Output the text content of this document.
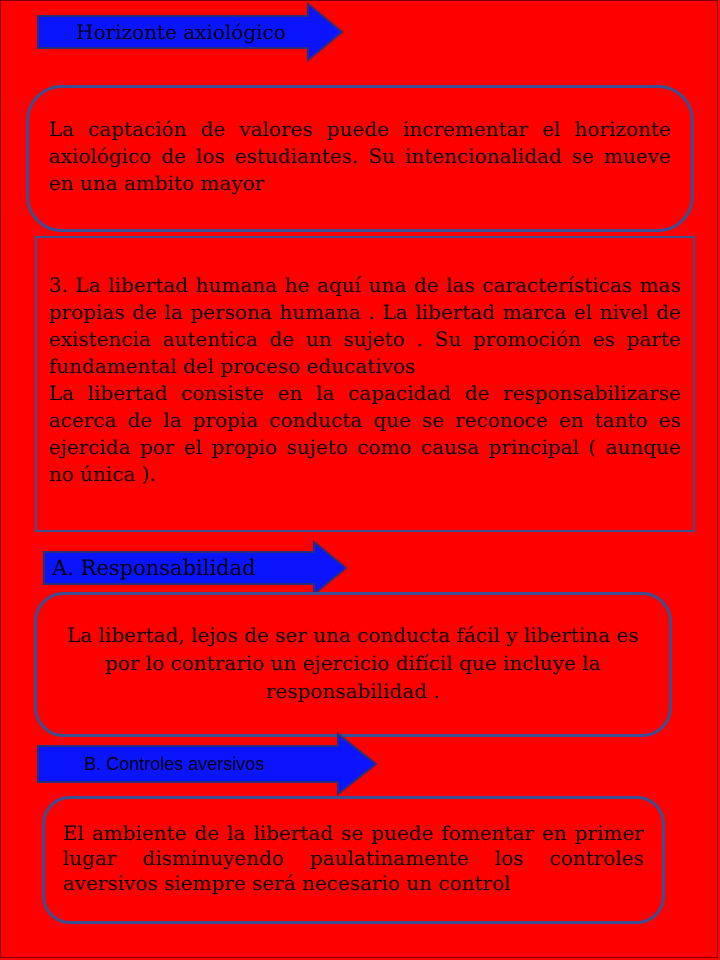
Horizonte axiológico

La captación de valores puede incrementar el horizonte axiológico de los estudiantes. Su intencionalidad se mueve en una ambito mayor

3. La libertad humana he aquí una de las características mas propias de la persona humana . La libertad marca el nivel de existencia autentica de un sujeto . Su promoción es parte fundamental del proceso educativos

La libertad consiste en la capacidad de responsabilizarse acerca de la propia conducta que se reconoce en tanto es ejercida por el propio sujeto como causa principal ( aunque no única ).

A. Responsabilidad

La libertad, lejos de ser una conducta fácil y libertina es por lo contrario un ejercicio difícil que incluye la responsabilidad .

B. Controles aversivos

El ambiente de la libertad se puede fomentar en primer lugar disminuyendo paulatinamente los controles aversivos siempre será necesario un control
